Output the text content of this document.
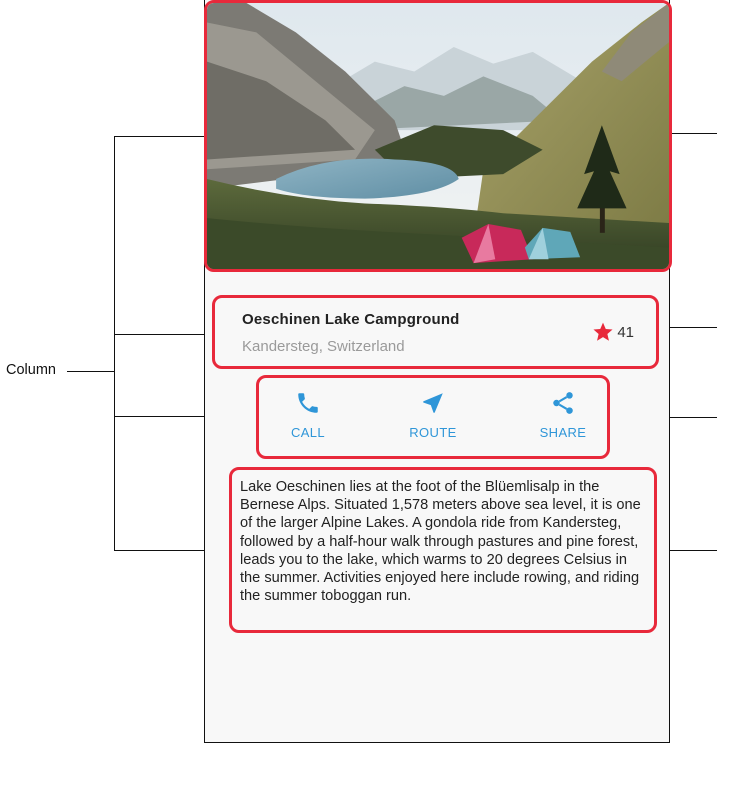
Column
Oeschinen Lake Campground
Kandersteg, Switzerland
41
CALL	ROUTE	SHARE
Lake Oeschinen lies at the foot of the Blüemlisalp in the Bernese Alps. Situated 1,578 meters above sea level, it is one of the larger Alpine Lakes. A gondola ride from Kandersteg, followed by a half-hour walk through pastures and pine forest, leads you to the lake, which warms to 20 degrees Celsius in the summer. Activities enjoyed here include rowing, and riding the summer toboggan run.
